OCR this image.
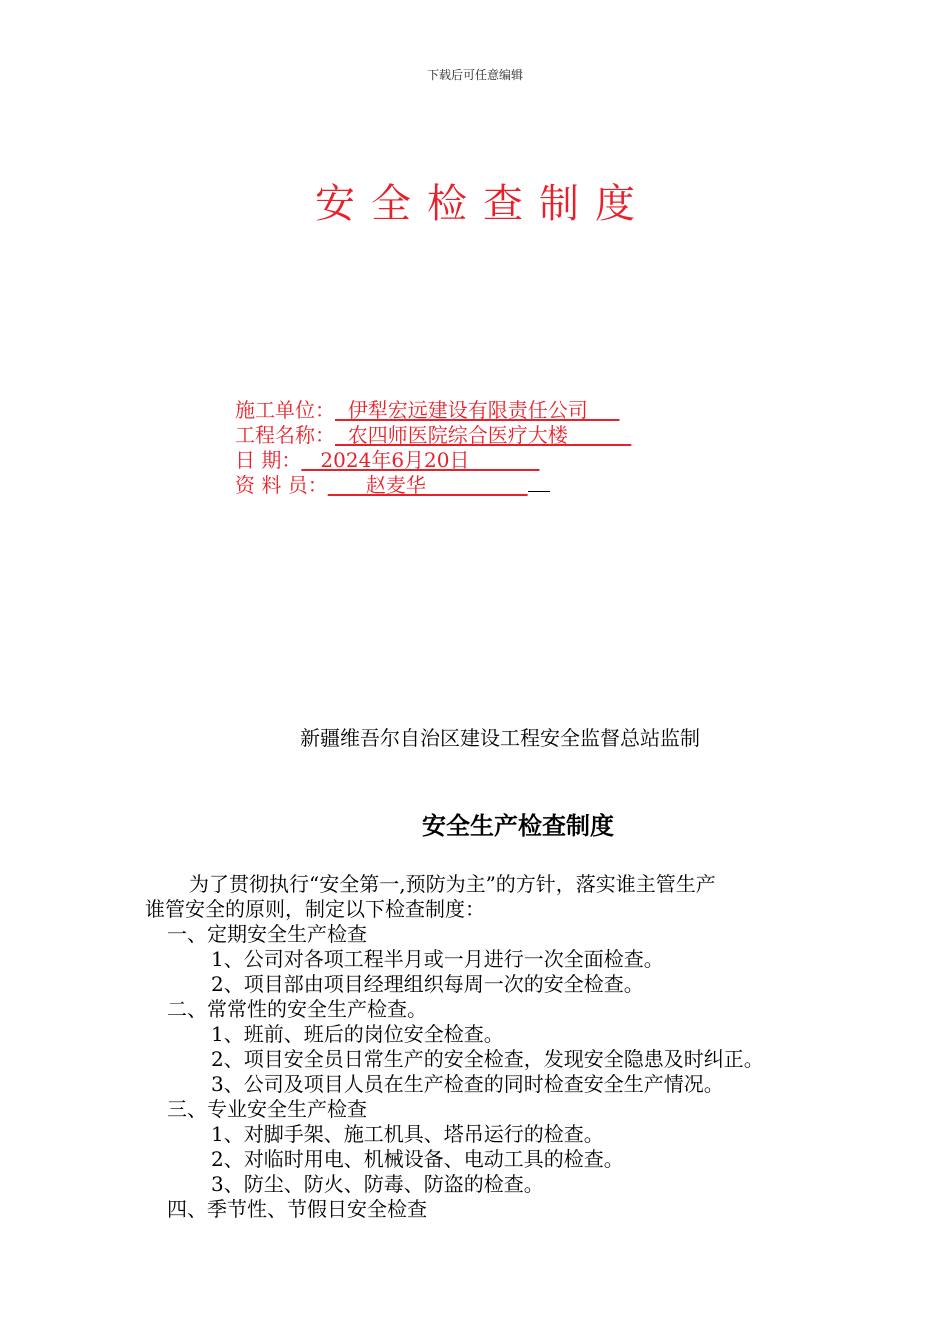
下载后可任意编辑
安全检查制度
施工单位： 伊犁宏远建设有限责任公司
工程名称： 农四师医院综合医疗大楼
日 期： 2024年6月20日
资 料 员： 赵麦华
新疆维吾尔自治区建设工程安全监督总站监制
安全生产检查制度

为了贯彻执行“安全第一,预防为主”的方针，落实谁主管生产

谁管安全的原则，制定以下检查制度：

一、定期安全生产检查

1、公司对各项工程半月或一月进行一次全面检查。

2、项目部由项目经理组织每周一次的安全检查。

二、常常性的安全生产检查。

1、班前、班后的岗位安全检查。

2、项目安全员日常生产的安全检查，发现安全隐患及时纠正。

3、公司及项目人员在生产检查的同时检查安全生产情况。

三、专业安全生产检查

1、对脚手架、施工机具、塔吊运行的检查。

2、对临时用电、机械设备、电动工具的检查。

3、防尘、防火、防毒、防盗的检查。

四、季节性、节假日安全检查
